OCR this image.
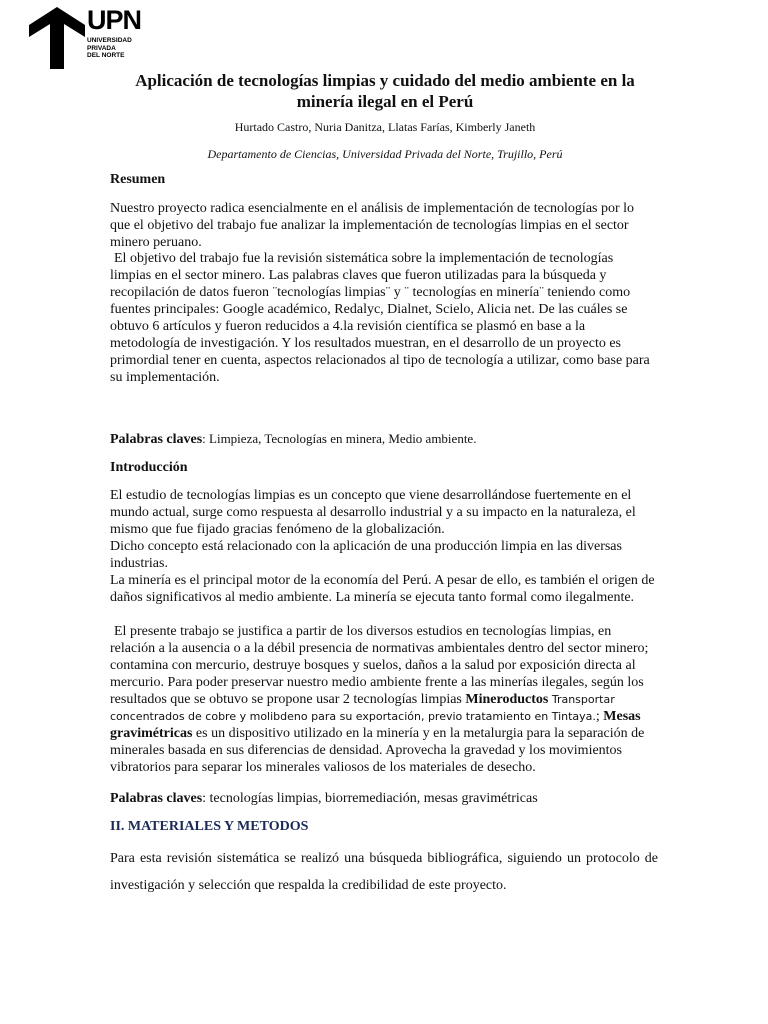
UPN
UNIVERSIDAD
PRIVADA
DEL NORTE
Aplicación de tecnologías limpias y cuidado del medio ambiente en la minería ilegal en el Perú
Hurtado Castro, Nuria Danitza, Llatas Farías, Kimberly Janeth
Departamento de Ciencias, Universidad Privada del Norte, Trujillo, Perú
Resumen
Nuestro proyecto radica esencialmente en el análisis de implementación de tecnologías por lo que el objetivo del trabajo fue analizar la implementación de tecnologías limpias en el sector minero peruano.
El objetivo del trabajo fue la revisión sistemática sobre la implementación de tecnologías limpias en el sector minero. Las palabras claves que fueron utilizadas para la búsqueda y recopilación de datos fueron ¨tecnologías limpias¨ y ¨ tecnologías en minería¨ teniendo como fuentes principales: Google académico, Redalyc, Dialnet, Scielo, Alicia net. De las cuáles se obtuvo 6 artículos y fueron reducidos a 4.la revisión científica se plasmó en base a la metodología de investigación. Y los resultados muestran, en el desarrollo de un proyecto es primordial tener en cuenta, aspectos relacionados al tipo de tecnología a utilizar, como base para su implementación.
Palabras claves: Limpieza, Tecnologías en minera, Medio ambiente.
Introducción
El estudio de tecnologías limpias es un concepto que viene desarrollándose fuertemente en el mundo actual, surge como respuesta al desarrollo industrial y a su impacto en la naturaleza, el mismo que fue fijado gracias fenómeno de la globalización.
Dicho concepto está relacionado con la aplicación de una producción limpia en las diversas industrias.
La minería es el principal motor de la economía del Perú. A pesar de ello, es también el origen de daños significativos al medio ambiente. La minería se ejecuta tanto formal como ilegalmente.
El presente trabajo se justifica a partir de los diversos estudios en tecnologías limpias, en relación a la ausencia o a la débil presencia de normativas ambientales dentro del sector minero; contamina con mercurio, destruye bosques y suelos, daños a la salud por exposición directa al mercurio. Para poder preservar nuestro medio ambiente frente a las minerías ilegales, según los resultados que se obtuvo se propone usar 2 tecnologías limpias Mineroductos Transportar concentrados de cobre y molibdeno para su exportación, previo tratamiento en Tintaya.; Mesas gravimétricas es un dispositivo utilizado en la minería y en la metalurgia para la separación de minerales basada en sus diferencias de densidad. Aprovecha la gravedad y los movimientos vibratorios para separar los minerales valiosos de los materiales de desecho.
Palabras claves: tecnologías limpias, biorremediación, mesas gravimétricas
II. MATERIALES Y METODOS
Para esta revisión sistemática se realizó una búsqueda bibliográfica, siguiendo un protocolo de investigación y selección que respalda la credibilidad de este proyecto.
